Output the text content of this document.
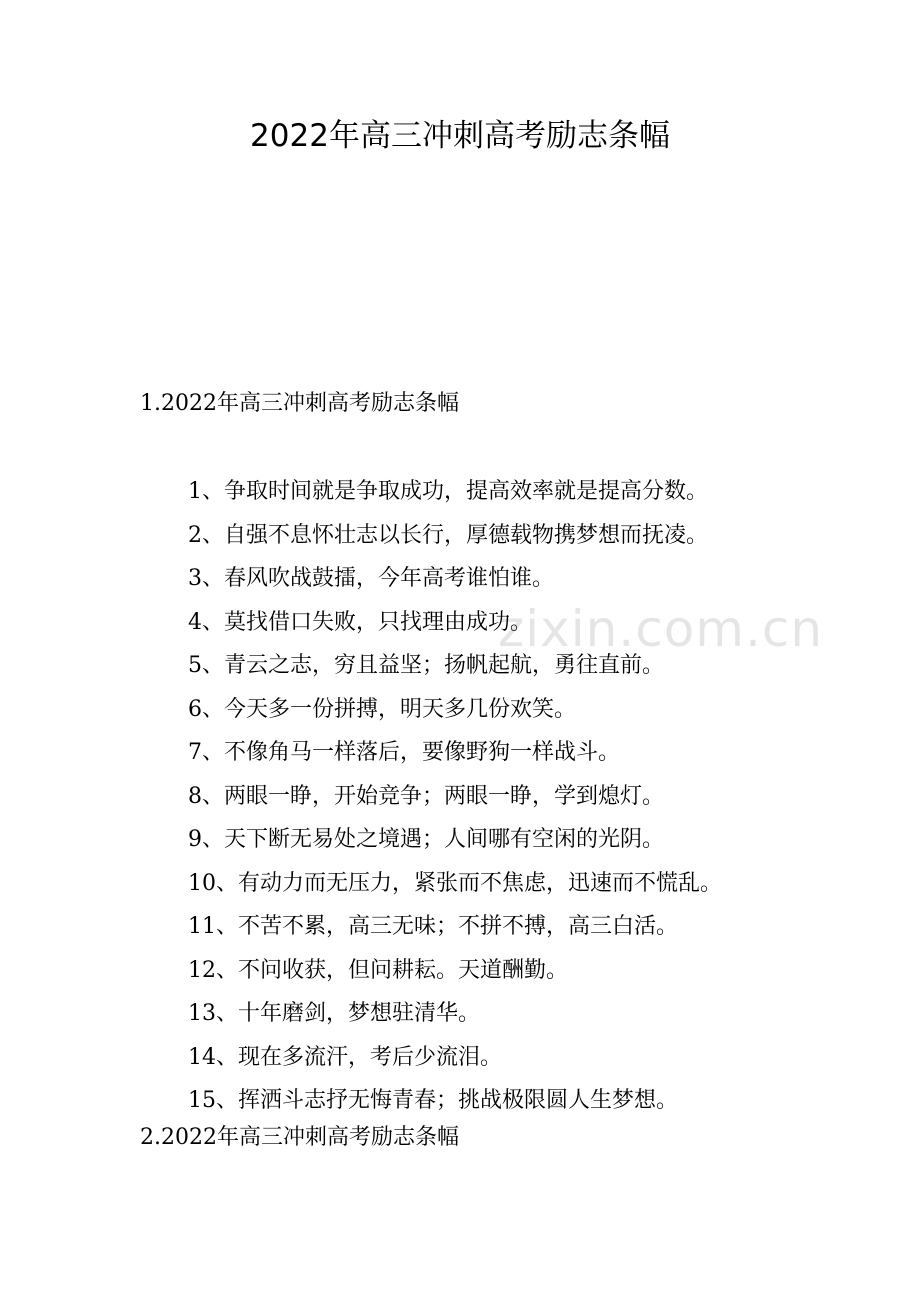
2022年高三冲刺高考励志条幅
zixin.com.cn
1.2022年高三冲刺高考励志条幅
1、争取时间就是争取成功，提高效率就是提高分数。
2、自强不息怀壮志以长行，厚德载物携梦想而抚凌。
3、春风吹战鼓擂，今年高考谁怕谁。
4、莫找借口失败，只找理由成功。
5、青云之志，穷且益坚；扬帆起航，勇往直前。
6、今天多一份拼搏，明天多几份欢笑。
7、不像角马一样落后，要像野狗一样战斗。
8、两眼一睁，开始竞争；两眼一睁，学到熄灯。
9、天下断无易处之境遇；人间哪有空闲的光阴。
10、有动力而无压力，紧张而不焦虑，迅速而不慌乱。
11、不苦不累，高三无味；不拼不搏，高三白活。
12、不问收获，但问耕耘。天道酬勤。
13、十年磨剑，梦想驻清华。
14、现在多流汗，考后少流泪。
15、挥洒斗志抒无悔青春；挑战极限圆人生梦想。
2.2022年高三冲刺高考励志条幅
